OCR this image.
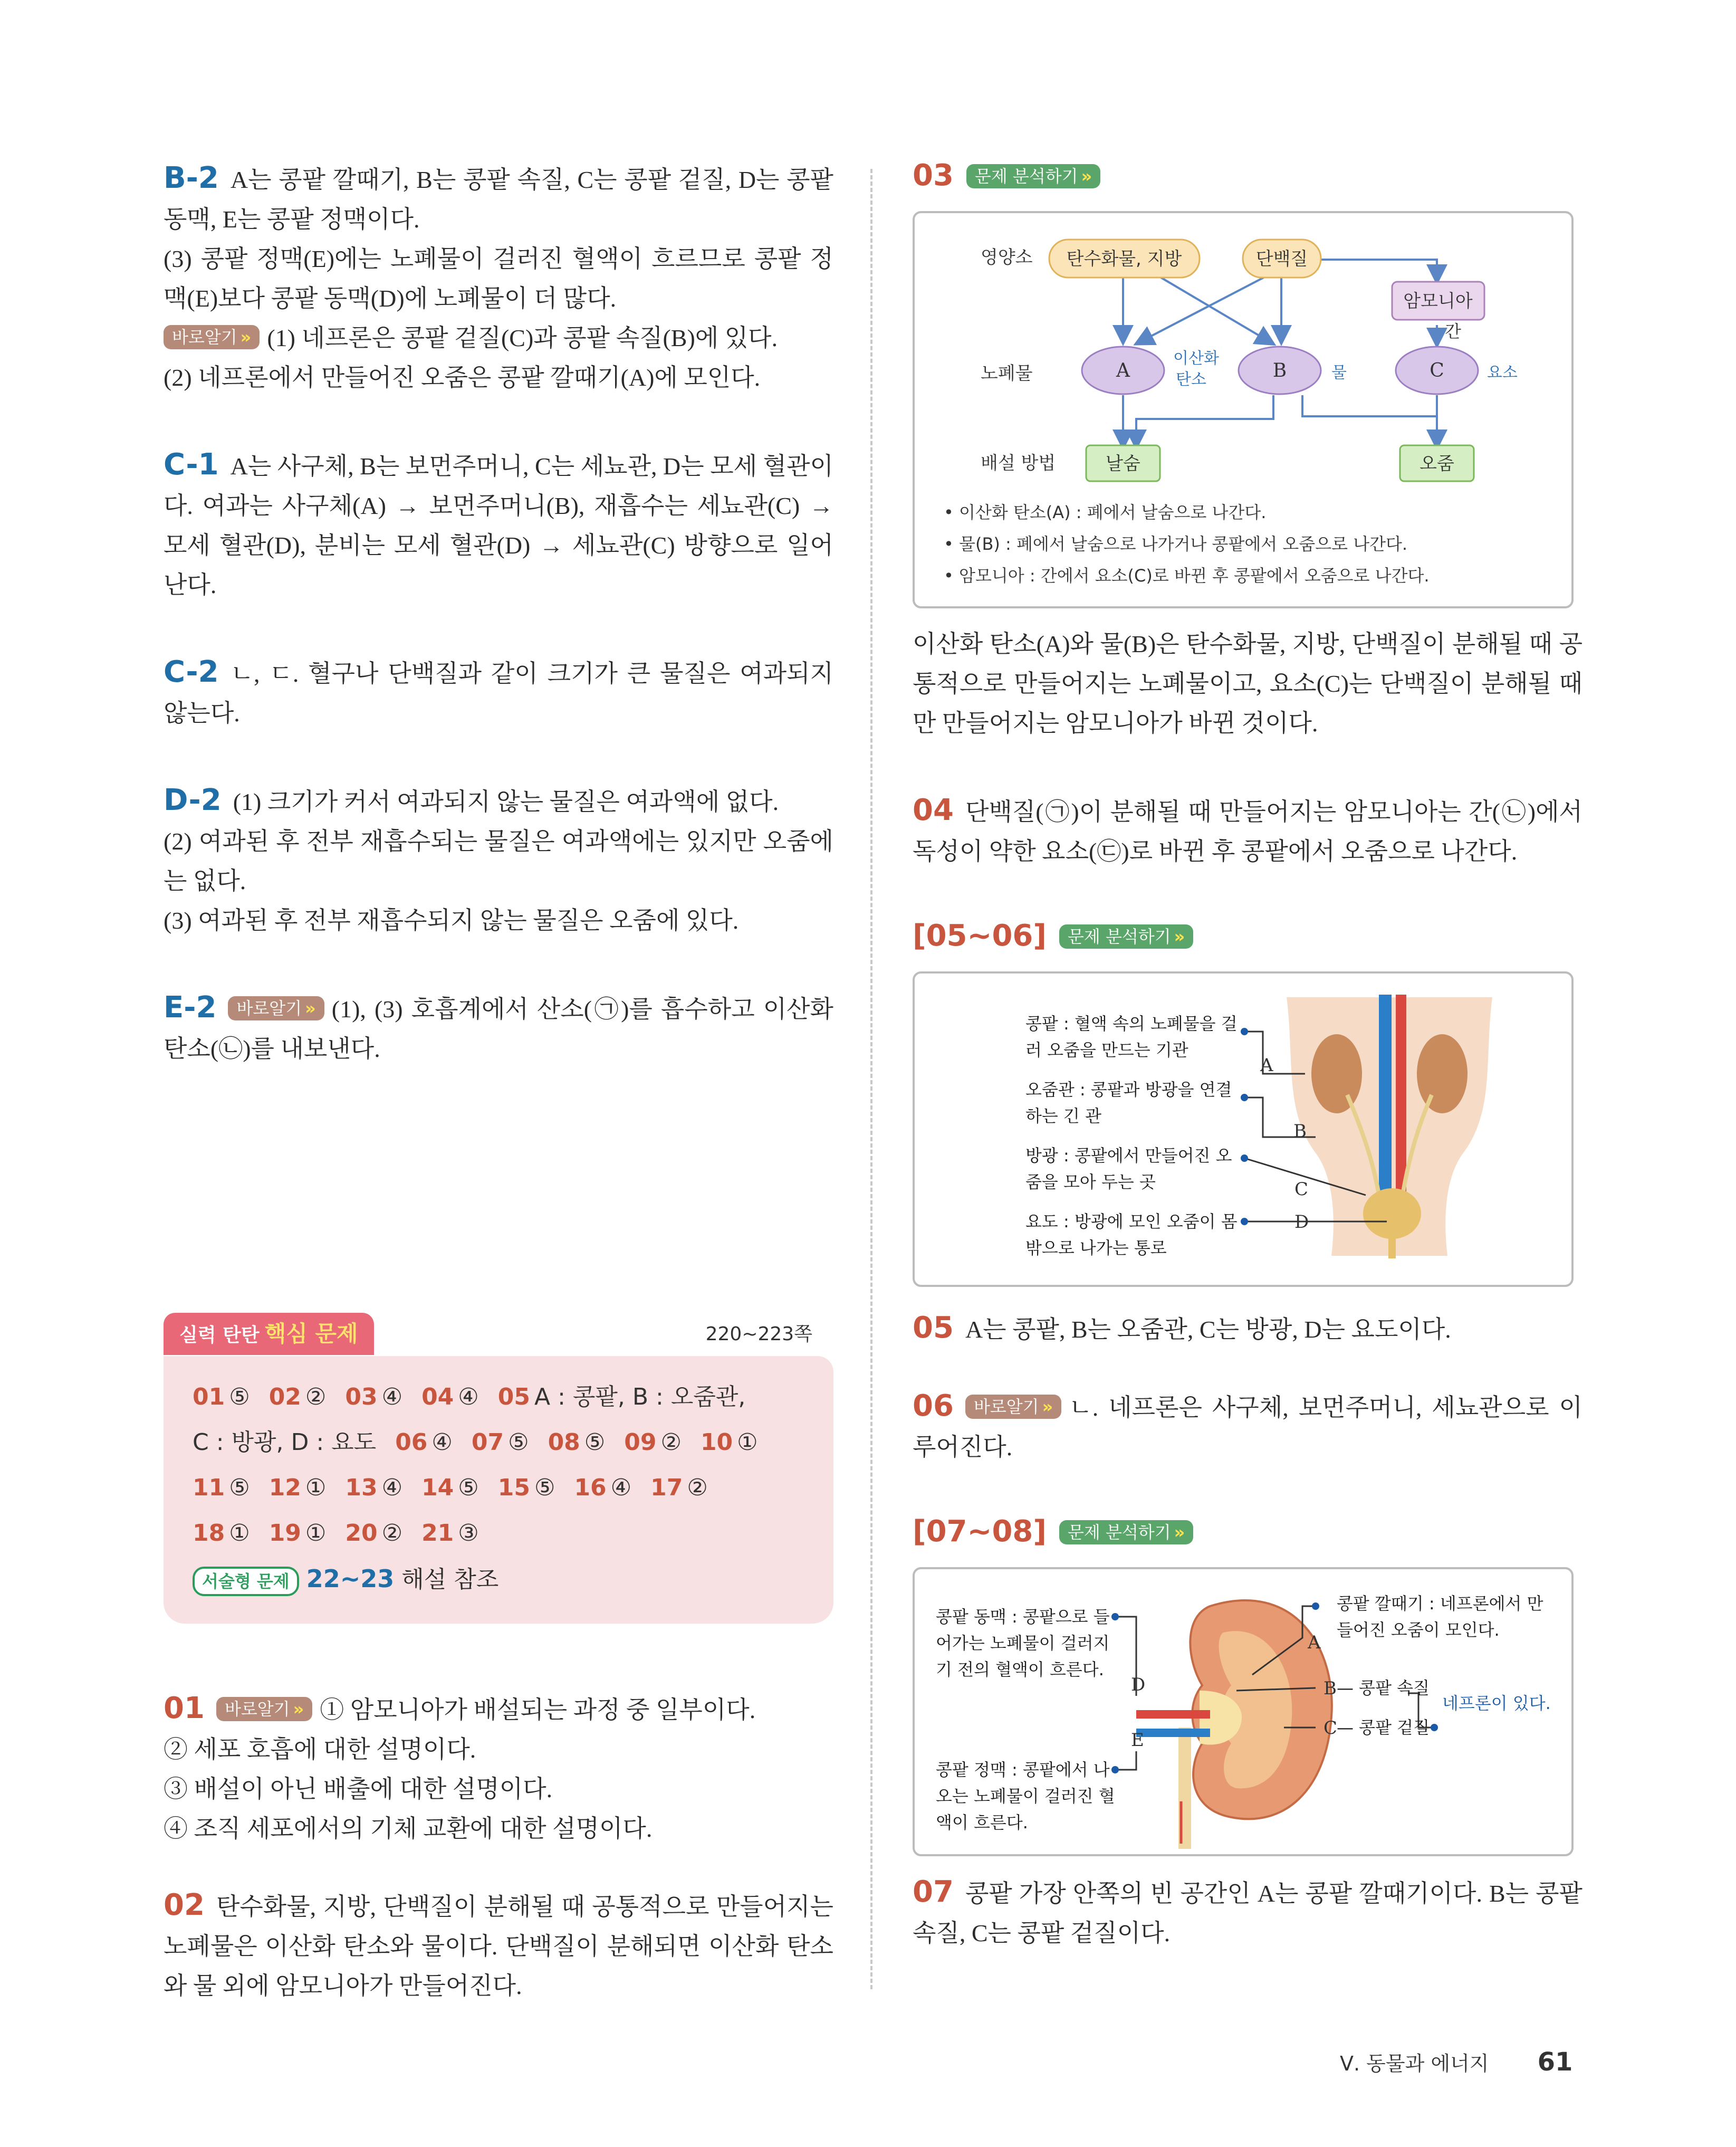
B-2 A는 콩팥 깔때기, B는 콩팥 속질, C는 콩팥 겉질, D는 콩팥 동맥, E는 콩팥 정맥이다.

(3) 콩팥 정맥(E)에는 노폐물이 걸러진 혈액이 흐르므로 콩팥 정맥(E)보다 콩팥 동맥(D)에 노폐물이 더 많다.

바로알기 » (1) 네프론은 콩팥 겉질(C)과 콩팥 속질(B)에 있다.

(2) 네프론에서 만들어진 오줌은 콩팥 깔때기(A)에 모인다.

C-1 A는 사구체, B는 보먼주머니, C는 세뇨관, D는 모세 혈관이다. 여과는 사구체(A) → 보먼주머니(B), 재흡수는 세뇨관(C) → 모세 혈관(D), 분비는 모세 혈관(D) → 세뇨관(C) 방향으로 일어난다.

C-2 ㄴ, ㄷ. 혈구나 단백질과 같이 크기가 큰 물질은 여과되지 않는다.

D-2 (1) 크기가 커서 여과되지 않는 물질은 여과액에 없다.

(2) 여과된 후 전부 재흡수되는 물질은 여과액에는 있지만 오줌에는 없다.

(3) 여과된 후 전부 재흡수되지 않는 물질은 오줌에 있다.

E-2 바로알기 » (1), (3) 호흡계에서 산소(㉠)를 흡수하고 이산화 탄소(㉡)를 내보낸다.

실력 탄탄 핵심 문제	220~223쪽
01 ⑤ 02 ② 03 ④ 04 ④ 05 A : 콩팥, B : 오줌관,
C : 방광, D : 요도 06 ④ 07 ⑤ 08 ⑤ 09 ② 10 ①
11 ⑤ 12 ① 13 ④ 14 ⑤ 15 ⑤ 16 ④ 17 ②
18 ① 19 ① 20 ② 21 ③
서술형 문제 22~23 해설 참조

01 바로알기 » ① 암모니아가 배설되는 과정 중 일부이다.

② 세포 호흡에 대한 설명이다.

③ 배설이 아닌 배출에 대한 설명이다.

④ 조직 세포에서의 기체 교환에 대한 설명이다.

02 탄수화물, 지방, 단백질이 분해될 때 공통적으로 만들어지는 노폐물은 이산화 탄소와 물이다. 단백질이 분해되면 이산화 탄소와 물 외에 암모니아가 만들어진다.

03 문제 분석하기 »
영양소
노폐물
배설 방법
탄수화물, 지방	단백질
암모니아
간
A	B	C
이산화
탄소	물	요소
날숨	오줌
• 이산화 탄소(A) : 폐에서 날숨으로 나간다.
• 물(B) : 폐에서 날숨으로 나가거나 콩팥에서 오줌으로 나간다.
• 암모니아 : 간에서 요소(C)로 바뀐 후 콩팥에서 오줌으로 나간다.

이산화 탄소(A)와 물(B)은 탄수화물, 지방, 단백질이 분해될 때 공통적으로 만들어지는 노폐물이고, 요소(C)는 단백질이 분해될 때만 만들어지는 암모니아가 바뀐 것이다.

04 단백질(㉠)이 분해될 때 만들어지는 암모니아는 간(㉡)에서 독성이 약한 요소(㉢)로 바뀐 후 콩팥에서 오줌으로 나간다.

[05~06] 문제 분석하기 »
A
B
C
D
콩팥 : 혈액 속의 노폐물을 걸러 오줌을 만드는 기관
오줌관 : 콩팥과 방광을 연결하는 긴 관
방광 : 콩팥에서 만들어진 오줌을 모아 두는 곳
요도 : 방광에 모인 오줌이 몸 밖으로 나가는 통로

05 A는 콩팥, B는 오줌관, C는 방광, D는 요도이다.

06 바로알기 » ㄴ. 네프론은 사구체, 보먼주머니, 세뇨관으로 이루어진다.

[07~08] 문제 분석하기 »
A
B
C
D
E
콩팥 동맥 : 콩팥으로 들어가는 노폐물이 걸러지기 전의 혈액이 흐른다.
콩팥 정맥 : 콩팥에서 나오는 노폐물이 걸러진 혈액이 흐른다.
콩팥 깔때기 : 네프론에서 만들어진 오줌이 모인다.
— 콩팥 속질
— 콩팥 겉질
네프론이 있다.

07 콩팥 가장 안쪽의 빈 공간인 A는 콩팥 깔때기이다. B는 콩팥 속질, C는 콩팥 겉질이다.

Ⅴ. 동물과 에너지 61
